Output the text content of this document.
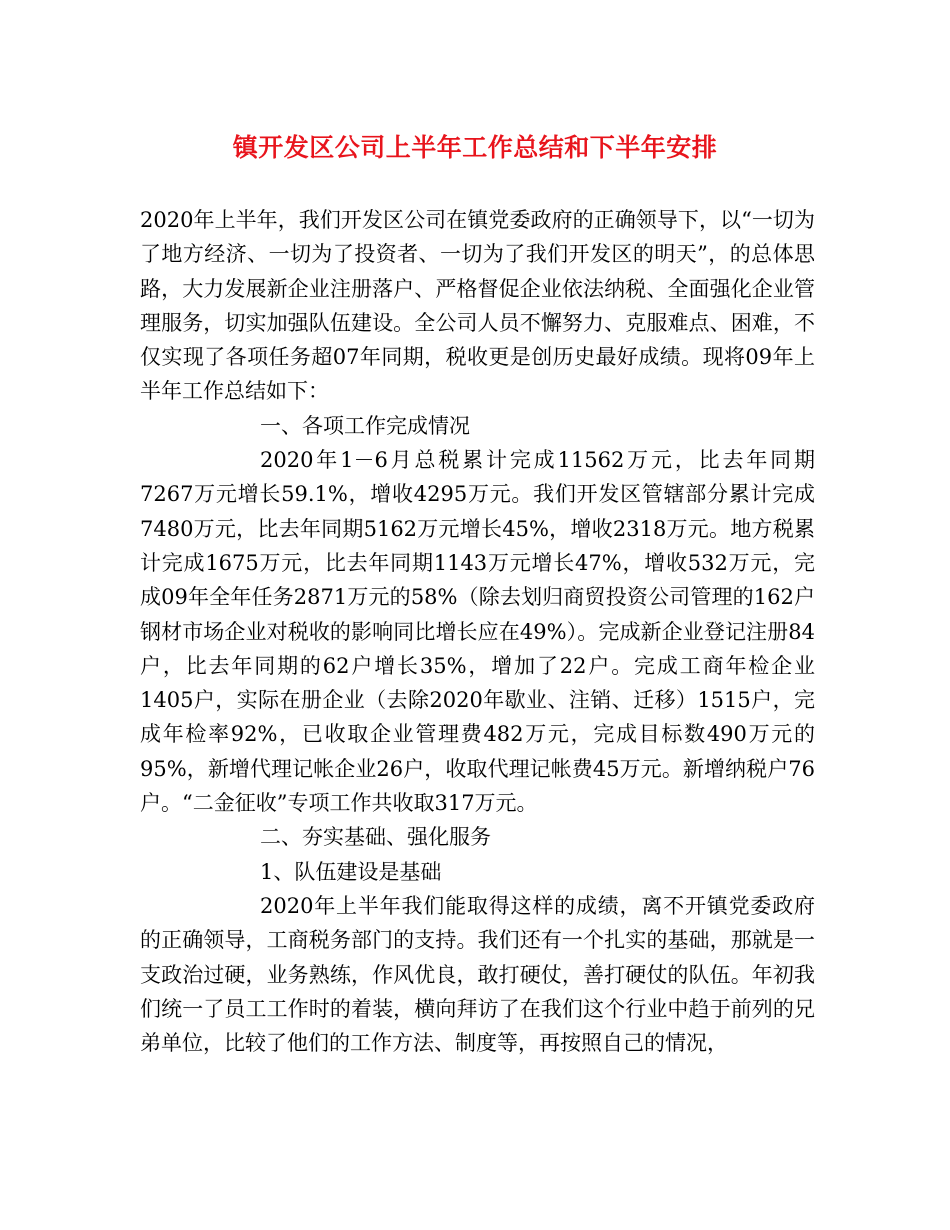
镇开发区公司上半年工作总结和下半年安排

2020年上半年，我们开发区公司在镇党委政府的正确领导下，以“一切为了地方经济、一切为了投资者、一切为了我们开发区的明天”，的总体思路，大力发展新企业注册落户、严格督促企业依法纳税、全面强化企业管理服务，切实加强队伍建设。全公司人员不懈努力、克服难点、困难，不仅实现了各项任务超07年同期，税收更是创历史最好成绩。现将09年上半年工作总结如下：

一、各项工作完成情况

2020年1－6月总税累计完成11562万元，比去年同期7267万元增长59.1%，增收4295万元。我们开发区管辖部分累计完成7480万元，比去年同期5162万元增长45%，增收2318万元。地方税累计完成1675万元，比去年同期1143万元增长47%，增收532万元，完成09年全年任务2871万元的58%（除去划归商贸投资公司管理的162户钢材市场企业对税收的影响同比增长应在49%）。完成新企业登记注册84户，比去年同期的62户增长35%，增加了22户。完成工商年检企业1405户，实际在册企业（去除2020年歇业、注销、迁移）1515户，完成年检率92%，已收取企业管理费482万元，完成目标数490万元的95%，新增代理记帐企业26户，收取代理记帐费45万元。新增纳税户76户。“二金征收”专项工作共收取317万元。

二、夯实基础、强化服务

1、队伍建设是基础

2020年上半年我们能取得这样的成绩，离不开镇党委政府的正确领导，工商税务部门的支持。我们还有一个扎实的基础，那就是一支政治过硬，业务熟练，作风优良，敢打硬仗，善打硬仗的队伍。年初我们统一了员工工作时的着装，横向拜访了在我们这个行业中趋于前列的兄弟单位，比较了他们的工作方法、制度等，再按照自己的情况，
